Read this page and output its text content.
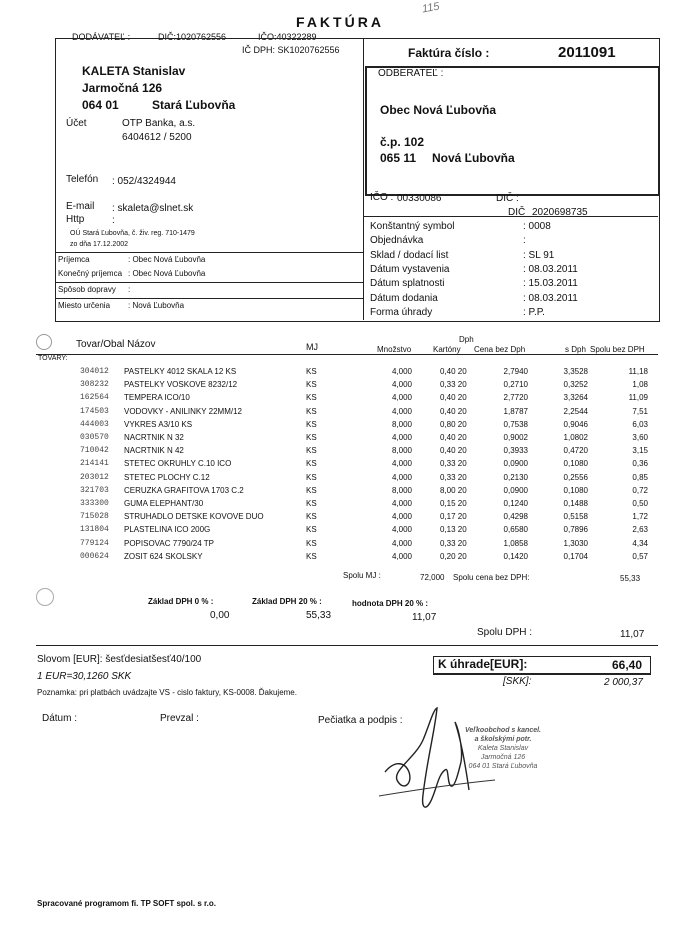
FAKTÚRA
115
DODÁVATEĽ :	DIČ:1020762556	IČO:40322289
IČ DPH: SK1020762556	Faktúra číslo :	2011091
KALETA Stanislav
Jarmočná 126
064 01	Stará Ľubovňa
Účet	OTP Banka, a.s.
6404612 / 5200
Telefón : 052/4324944
E-mail : skaleta@slnet.sk
Http	:
OÚ Stará Ľubovňa, č. živ. reg. 710-1479
zo dňa 17.12.2002
ODBERATEĽ :
Obec Nová Ľubovňa
č.p. 102
065 11 Nová Ľubovňa
IČO : 00330086	DIČ :
DIČ 2020698735
Príjemca	: Obec Nová Ľubovňa
Konečný príjemca : Obec Nová Ľubovňa
Spôsob dopravy :
Miesto určenia : Nová Ľubovňa
Konštantný symbol	: 0008
Objednávka	:
Sklad / dodací list	: SL 91
Dátum vystavenia	: 08.03.2011
Dátum splatnosti	: 15.03.2011
Dátum dodania	: 08.03.2011
Forma úhrady	: P.P.
Tovar/Obal Názov	MJ	Množstvo
Dph
Kartóny Cena bez Dph	s Dph Spolu bez DPH
TOVARY:
304012 PASTELKY 4012 SKALA 12 KS	KS	4,000	0,40 20	2,7940	3,3528	11,18
308232 PASTELKY VOSKOVE 8232/12	KS	4,000	0,33 20	0,2710	0,3252	1,08
162564 TEMPERA ICO/10	KS	4,000	0,40 20	2,7720	3,3264	11,09
174503 VODOVKY - ANILINKY 22MM/12	KS	4,000	0,40 20	1,8787	2,2544	7,51
444003 VYKRES A3/10 KS	KS	8,000	0,80 20	0,7538	0,9046	6,03
030570 NACRTNIK N 32	KS	4,000	0,40 20	0,9002	1,0802	3,60
710042 NACRTNIK N 42	KS	8,000	0,40 20	0,3933	0,4720	3,15
214141 STETEC OKRUHLY C.10 ICO	KS	4,000	0,33 20	0,0900	0,1080	0,36
203012 STETEC PLOCHY C.12	KS	4,000	0,33 20	0,2130	0,2556	0,85
321703 CERUZKA GRAFITOVA 1703 C.2	KS	8,000	8,00 20	0,0900	0,1080	0,72
333300 GUMA ELEPHANT/30	KS	4,000	0,15 20	0,1240	0,1488	0,50
715028 STRUHADLO DETSKE KOVOVE DUO	KS	4,000	0,17 20	0,4298	0,5158	1,72
131804 PLASTELINA ICO 200G	KS	4,000	0,13 20	0,6580	0,7896	2,63
779124 POPISOVAC 7790/24 TP	KS	4,000	0,33 20	1,0858	1,3030	4,34
000624 ZOSIT 624 SKOLSKY	KS	4,000	0,20 20	0,1420	0,1704	0,57
Spolu MJ :	72,000 Spolu cena bez DPH:	55,33
Základ DPH 0 % :
0,00
Základ DPH 20 % :
55,33
hodnota DPH 20 % :
11,07
Spolu DPH :	11,07
Slovom [EUR]: šesťdesiatšesť40/100
1 EUR=30,1260 SKK
Poznamka: pri platbách uvádzajte VS - cislo faktury, KS-0008. Ďakujeme.
K úhrade[EUR]:	66,40
[SKK]:	2 000,37
Dátum :	Prevzal :	Pečiatka a podpis :
Veľkoobchod s kancel.
a školskými potr.
Kaleta Stanislav
Jarmočná 126
064 01 Stará Ľubovňa
Spracované programom fi. TP SOFT spol. s r.o.
